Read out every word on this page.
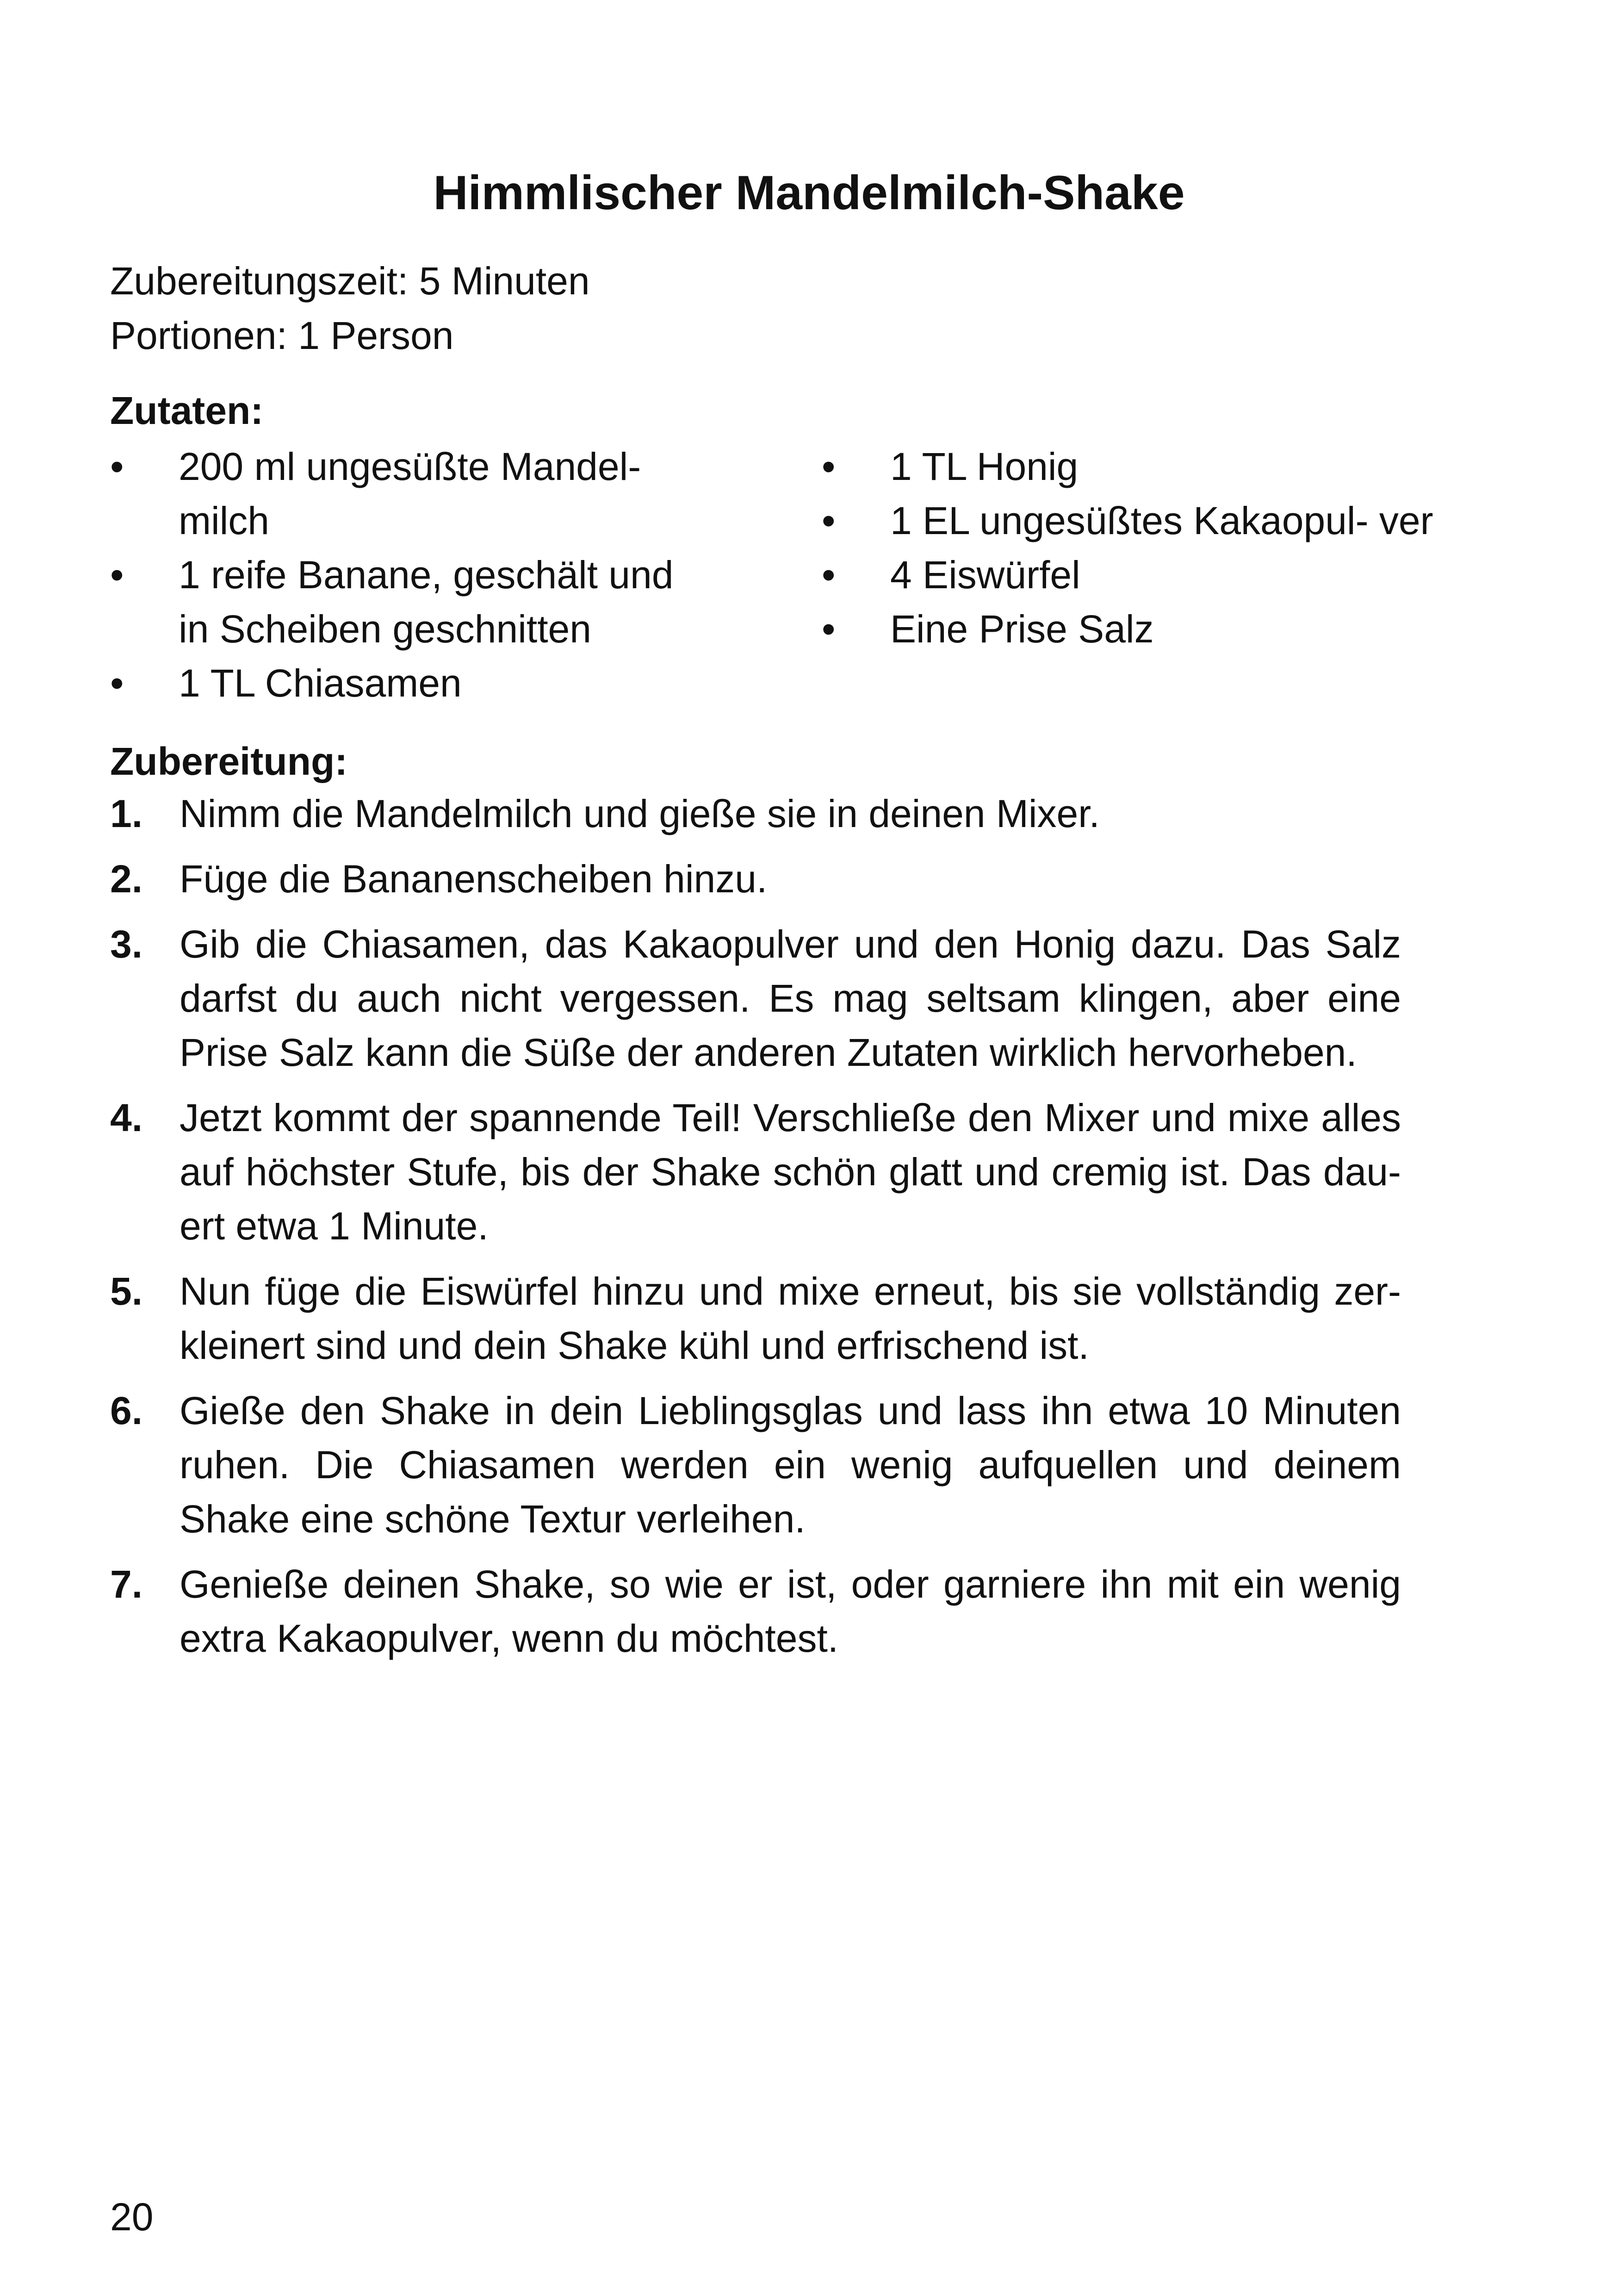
Himmlischer Mandelmilch-Shake
Zubereitungszeit: 5 Minuten
Portionen: 1 Person
Zutaten:
•	200 ml ungesüßte Mandel- milch
•	1 reife Banane, geschält und in Scheiben geschnitten
•	1 TL Chiasamen
•	1 TL Honig
•	1 EL ungesüßtes Kakaopul- ver
•	4 Eiswürfel
•	Eine Prise Salz
Zubereitung:
1. Nimm die Mandelmilch und gieße sie in deinen Mixer.
2. Füge die Bananenscheiben hinzu.
3. Gib die Chiasamen, das Kakaopulver und den Honig dazu. Das Salz darfst du auch nicht vergessen. Es mag seltsam klingen, aber eine Prise Salz kann die Süße der anderen Zutaten wirklich hervorheben.
4. Jetzt kommt der spannende Teil! Verschließe den Mixer und mixe alles auf höchster Stufe, bis der Shake schön glatt und cremig ist. Das dau- ert etwa 1 Minute.
5. Nun füge die Eiswürfel hinzu und mixe erneut, bis sie vollständig zer- kleinert sind und dein Shake kühl und erfrischend ist.
6. Gieße den Shake in dein Lieblingsglas und lass ihn etwa 10 Minuten ruhen. Die Chiasamen werden ein wenig aufquellen und deinem Shake eine schöne Textur verleihen.
7. Genieße deinen Shake, so wie er ist, oder garniere ihn mit ein wenig extra Kakaopulver, wenn du möchtest.
20
